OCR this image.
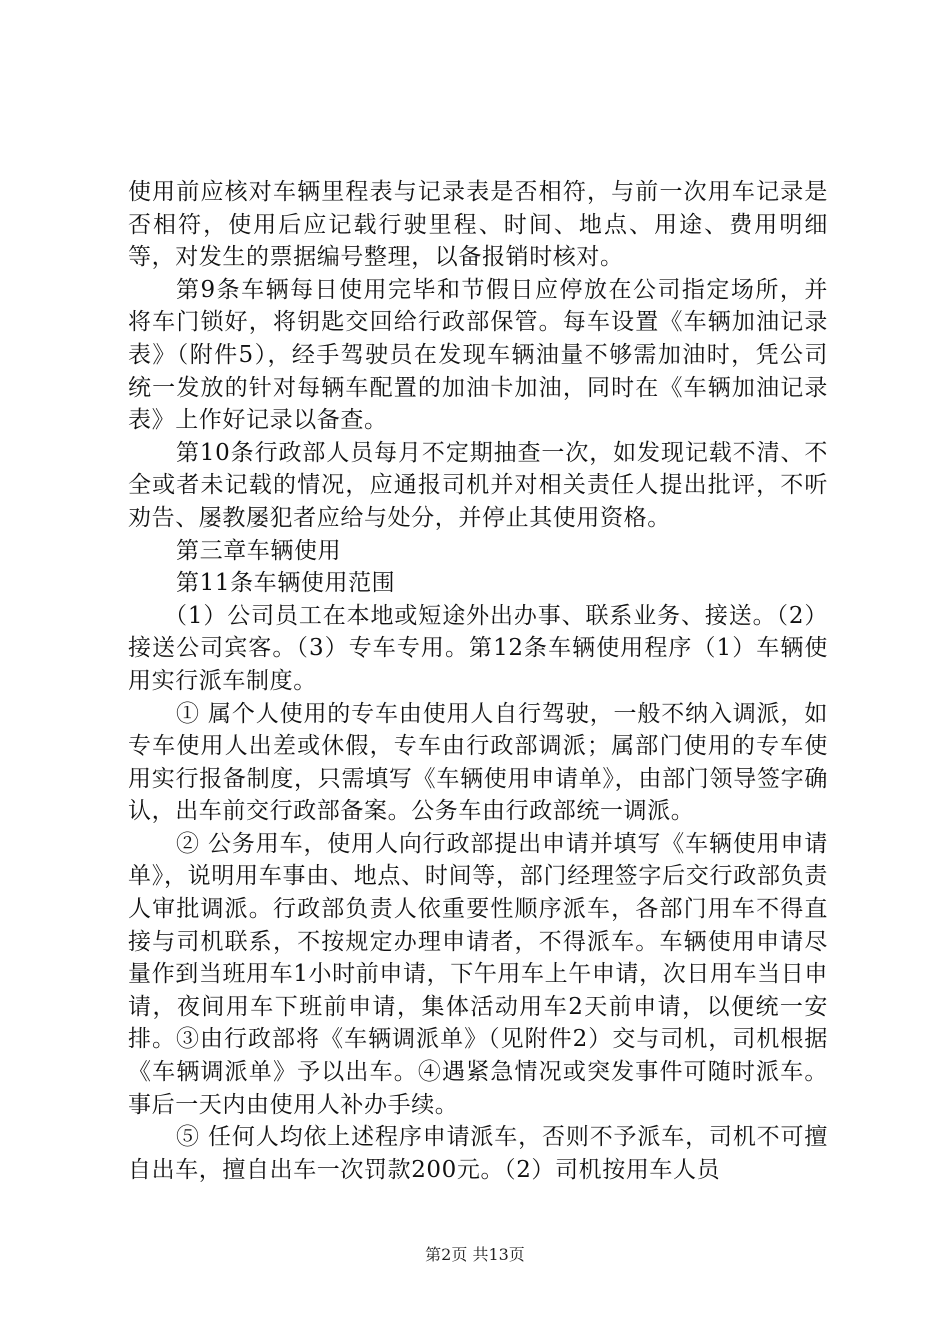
使用前应核对车辆里程表与记录表是否相符，与前一次用车记录是否相符，使用后应记载行驶里程、时间、地点、用途、费用明细等，对发生的票据编号整理，以备报销时核对。

第9条车辆每日使用完毕和节假日应停放在公司指定场所，并将车门锁好，将钥匙交回给行政部保管。每车设置《车辆加油记录表》（附件5），经手驾驶员在发现车辆油量不够需加油时，凭公司统一发放的针对每辆车配置的加油卡加油，同时在《车辆加油记录表》上作好记录以备查。

第10条行政部人员每月不定期抽查一次，如发现记载不清、不全或者未记载的情况，应通报司机并对相关责任人提出批评，不听劝告、屡教屡犯者应给与处分，并停止其使用资格。

第三章车辆使用

第11条车辆使用范围

（1）公司员工在本地或短途外出办事、联系业务、接送。（2）接送公司宾客。（3）专车专用。第12条车辆使用程序（1）车辆使用实行派车制度。

① 属个人使用的专车由使用人自行驾驶，一般不纳入调派，如专车使用人出差或休假，专车由行政部调派；属部门使用的专车使用实行报备制度，只需填写《车辆使用申请单》，由部门领导签字确认，出车前交行政部备案。公务车由行政部统一调派。

② 公务用车，使用人向行政部提出申请并填写《车辆使用申请单》，说明用车事由、地点、时间等，部门经理签字后交行政部负责人审批调派。行政部负责人依重要性顺序派车，各部门用车不得直接与司机联系，不按规定办理申请者，不得派车。车辆使用申请尽量作到当班用车1小时前申请，下午用车上午申请，次日用车当日申请，夜间用车下班前申请，集体活动用车2天前申请，以便统一安排。③由行政部将《车辆调派单》（见附件2）交与司机，司机根据《车辆调派单》予以出车。④遇紧急情况或突发事件可随时派车。事后一天内由使用人补办手续。

⑤ 任何人均依上述程序申请派车，否则不予派车，司机不可擅自出车，擅自出车一次罚款200元。（2）司机按用车人员

第2页 共13页
